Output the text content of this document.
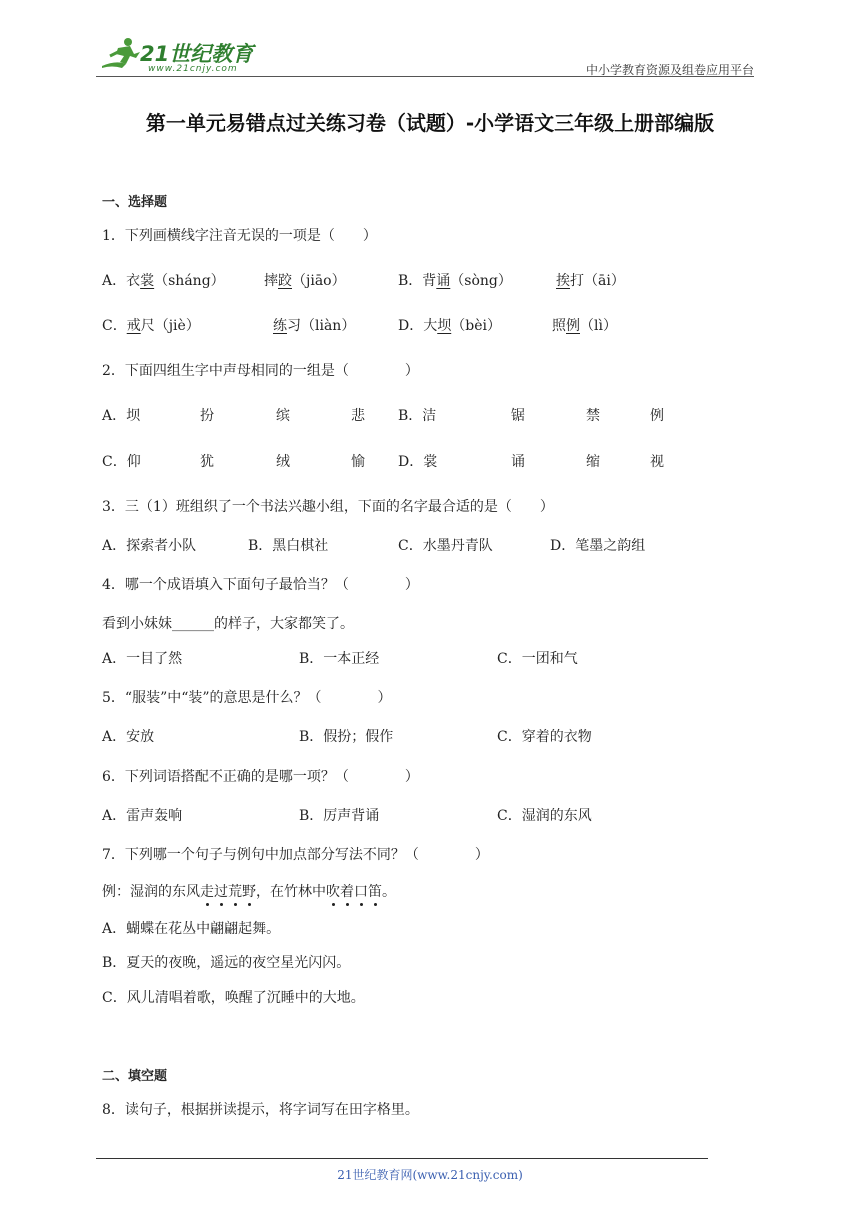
21世纪教育
www.21cnjy.com	中小学教育资源及组卷应用平台
第一单元易错点过关练习卷（试题）-小学语文三年级上册部编版
一、选择题
1．下列画横线字注音无误的一项是（　　）
A．衣裳（sháng）	摔跤（jiāo）	B．背诵（sòng）	挨打（āi）
C．戒尺（jiè）	练习（liàn）	D．大坝（bèi）	照例（lì）
2．下面四组生字中声母相同的一组是（　　　　）
A．坝	扮	缤	悲 B．洁	锯	禁	例
C．仰	犹	绒	愉 D．裳	诵	缩	视
3．三（1）班组织了一个书法兴趣小组，下面的名字最合适的是（　　）
A．探索者小队	B．黑白棋社	C．水墨丹青队	D．笔墨之韵组
4．哪一个成语填入下面句子最恰当？（　　　　）
看到小妹妹______的样子，大家都笑了。
A．一目了然	B．一本正经	C．一团和气
5．“服装”中“装”的意思是什么？（　　　　）
A．安放	B．假扮；假作	C．穿着的衣物
6．下列词语搭配不正确的是哪一项？（　　　　）
A．雷声轰响	B．厉声背诵	C．湿润的东风
7．下列哪一个句子与例句中加点部分写法不同？（　　　　）
例：湿润的东风走过荒野，在竹林中吹着口笛。
A．蝴蝶在花丛中翩翩起舞。
B．夏天的夜晚，遥远的夜空星光闪闪。
C．风儿清唱着歌，唤醒了沉睡中的大地。
二、填空题
8．读句子，根据拼读提示，将字词写在田字格里。
21世纪教育网(www.21cnjy.com)
